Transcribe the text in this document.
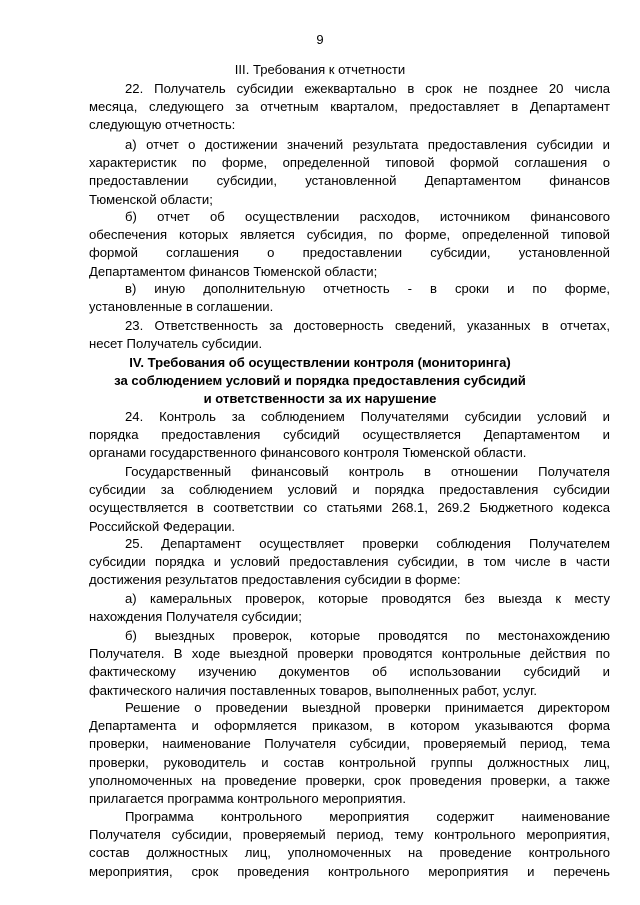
9
III. Требования к отчетности
22. Получатель субсидии ежеквартально в срок не позднее 20 числа
месяца, следующего за отчетным кварталом, предоставляет в Департамент
следующую отчетность:
а) отчет о достижении значений результата предоставления субсидии и
характеристик по форме, определенной типовой формой соглашения о
предоставлении субсидии, установленной Департаментом финансов
Тюменской области;
б) отчет об осуществлении расходов, источником финансового
обеспечения которых является субсидия, по форме, определенной типовой
формой соглашения о предоставлении субсидии, установленной
Департаментом финансов Тюменской области;
в) иную дополнительную отчетность - в сроки и по форме,
установленные в соглашении.
23. Ответственность за достоверность сведений, указанных в отчетах,
несет Получатель субсидии.
IV. Требования об осуществлении контроля (мониторинга)
за соблюдением условий и порядка предоставления субсидий
и ответственности за их нарушение
24. Контроль за соблюдением Получателями субсидии условий и
порядка предоставления субсидий осуществляется Департаментом и
органами государственного финансового контроля Тюменской области.
Государственный финансовый контроль в отношении Получателя
субсидии за соблюдением условий и порядка предоставления субсидии
осуществляется в соответствии со статьями 268.1, 269.2 Бюджетного кодекса
Российской Федерации.
25. Департамент осуществляет проверки соблюдения Получателем
субсидии порядка и условий предоставления субсидии, в том числе в части
достижения результатов предоставления субсидии в форме:
а) камеральных проверок, которые проводятся без выезда к месту
нахождения Получателя субсидии;
б) выездных проверок, которые проводятся по местонахождению
Получателя. В ходе выездной проверки проводятся контрольные действия по
фактическому изучению документов об использовании субсидий и
фактического наличия поставленных товаров, выполненных работ, услуг.
Решение о проведении выездной проверки принимается директором
Департамента и оформляется приказом, в котором указываются форма
проверки, наименование Получателя субсидии, проверяемый период, тема
проверки, руководитель и состав контрольной группы должностных лиц,
уполномоченных на проведение проверки, срок проведения проверки, а также
прилагается программа контрольного мероприятия.
Программа контрольного мероприятия содержит наименование
Получателя субсидии, проверяемый период, тему контрольного мероприятия,
состав должностных лиц, уполномоченных на проведение контрольного
мероприятия, срок проведения контрольного мероприятия и перечень
